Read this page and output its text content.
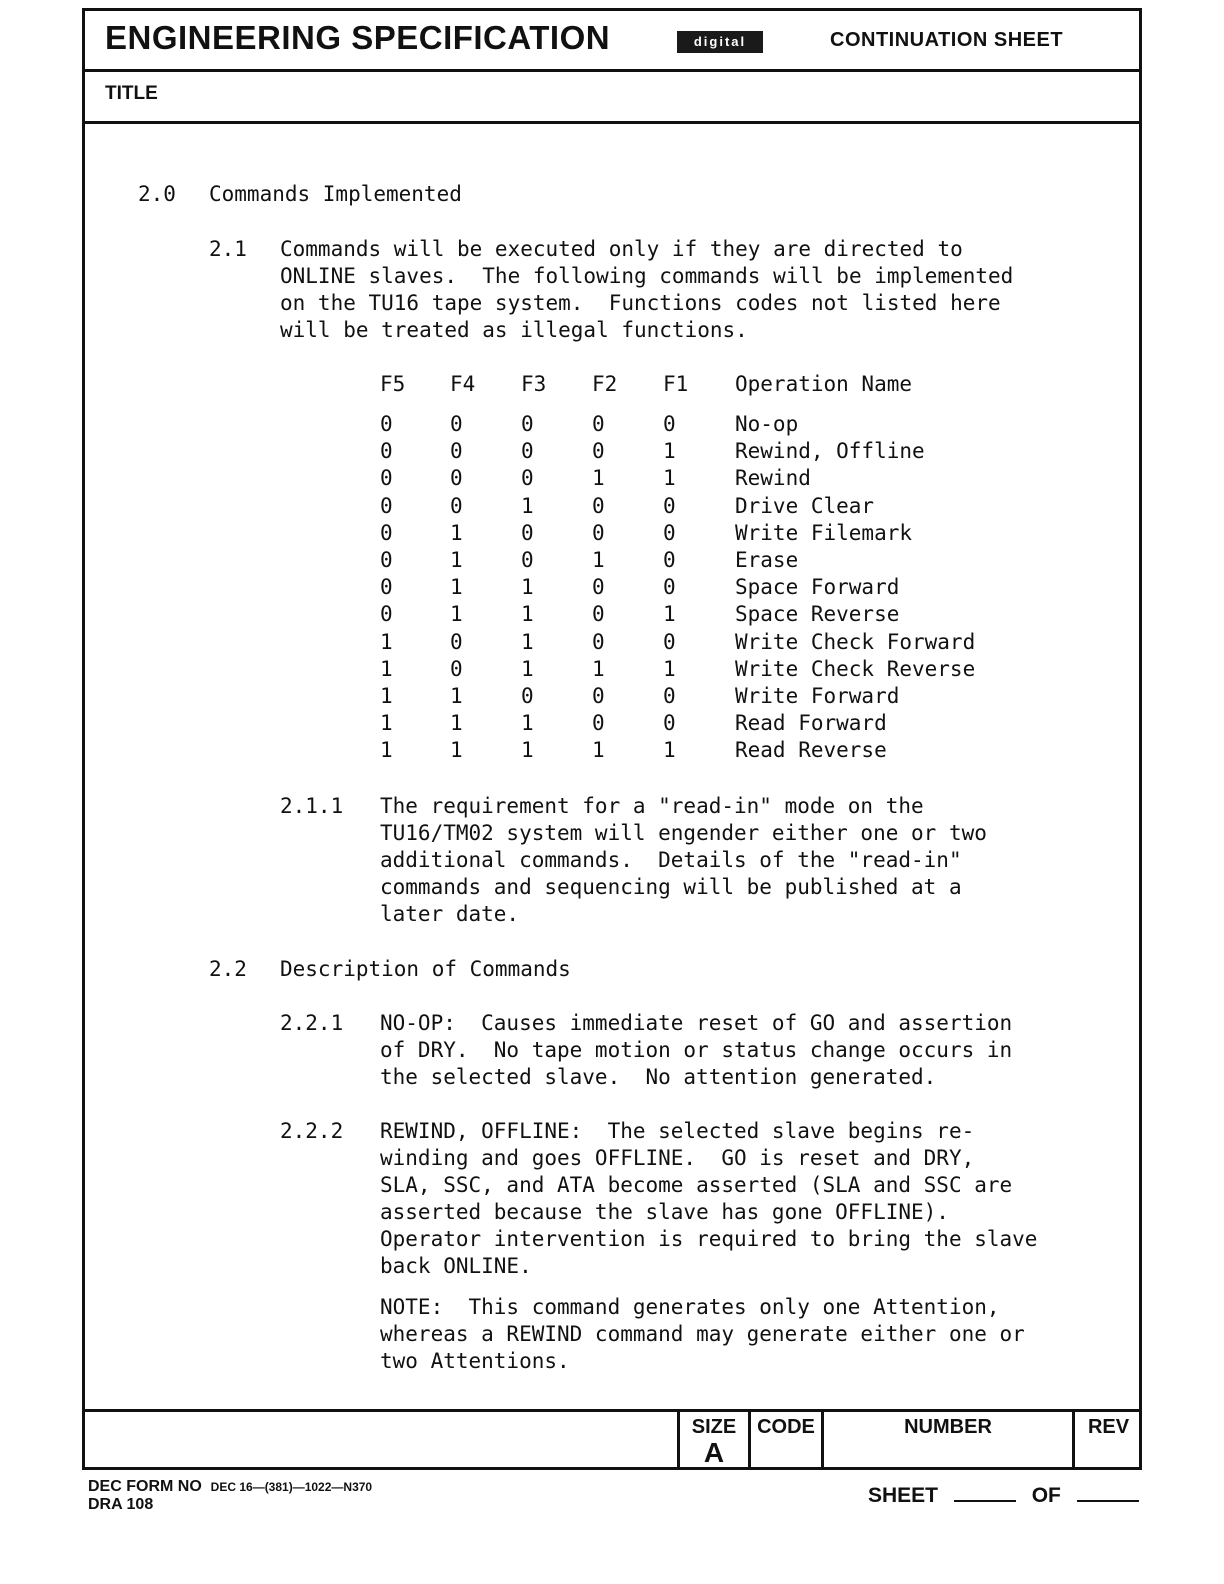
ENGINEERING SPECIFICATION	digital	CONTINUATION SHEET
TITLE
SIZE
A
CODE	NUMBER	REV
2.0 Commands Implemented
2.1 Commands will be executed only if they are directed to
ONLINE slaves.  The following commands will be implemented
on the TU16 tape system.  Functions codes not listed here
will be treated as illegal functions.
F5 F4 F3 F2 F1 Operation Name
0	0	0	0	0	No-op
0	0	0	0	1	Rewind, Offline
0	0	0	1	1	Rewind
0	0	1	0	0	Drive Clear
0	1	0	0	0	Write Filemark
0	1	0	1	0	Erase
0	1	1	0	0	Space Forward
0	1	1	0	1	Space Reverse
1	0	1	0	0	Write Check Forward
1	0	1	1	1	Write Check Reverse
1	1	0	0	0	Write Forward
1	1	1	0	0	Read Forward
1	1	1	1	1	Read Reverse
2.1.1 The requirement for a "read-in" mode on the
TU16/TM02 system will engender either one or two
additional commands.  Details of the "read-in"
commands and sequencing will be published at a
later date.
2.2 Description of Commands
2.2.1 NO-OP:  Causes immediate reset of GO and assertion
of DRY.  No tape motion or status change occurs in
the selected slave.  No attention generated.
2.2.2 REWIND, OFFLINE:  The selected slave begins re-
winding and goes OFFLINE.  GO is reset and DRY,
SLA, SSC, and ATA become asserted (SLA and SSC are
asserted because the slave has gone OFFLINE).
Operator intervention is required to bring the slave
back ONLINE.
NOTE:  This command generates only one Attention,
whereas a REWIND command may generate either one or
two Attentions.
DEC FORM NO DEC 16—(381)—1022—N370
DRA 108	SHEET	OF
